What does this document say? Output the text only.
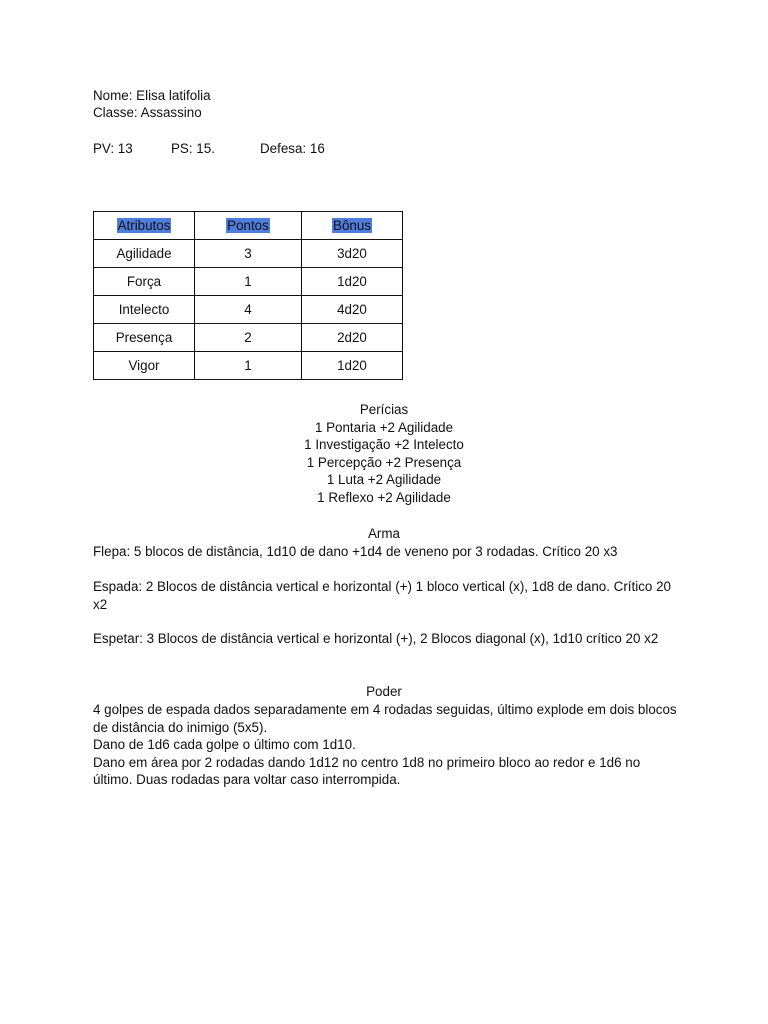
Nome: Elisa latifolia
Classe: Assassino
PV: 13	PS: 15.	Defesa: 16
Atributos	Pontos	Bônus
Agilidade	3	3d20
Força	1	1d20
Intelecto	4	4d20
Presença	2	2d20
Vigor	1	1d20
Perícias
1 Pontaria +2 Agilidade
1 Investigação +2 Intelecto
1 Percepção +2 Presença
1 Luta +2 Agilidade
1 Reflexo +2 Agilidade
Arma
Flepa: 5 blocos de distância, 1d10 de dano +1d4 de veneno por 3 rodadas. Crítico 20 x3
Espada: 2 Blocos de distância vertical e horizontal (+) 1 bloco vertical (x), 1d8 de dano. Crítico 20 x2
Espetar: 3 Blocos de distância vertical e horizontal (+), 2 Blocos diagonal (x), 1d10 crítico 20 x2
Poder
4 golpes de espada dados separadamente em 4 rodadas seguidas, último explode em dois blocos de distância do inimigo (5x5).
Dano de 1d6 cada golpe o último com 1d10.
Dano em área por 2 rodadas dando 1d12 no centro 1d8 no primeiro bloco ao redor e 1d6 no último. Duas rodadas para voltar caso interrompida.
